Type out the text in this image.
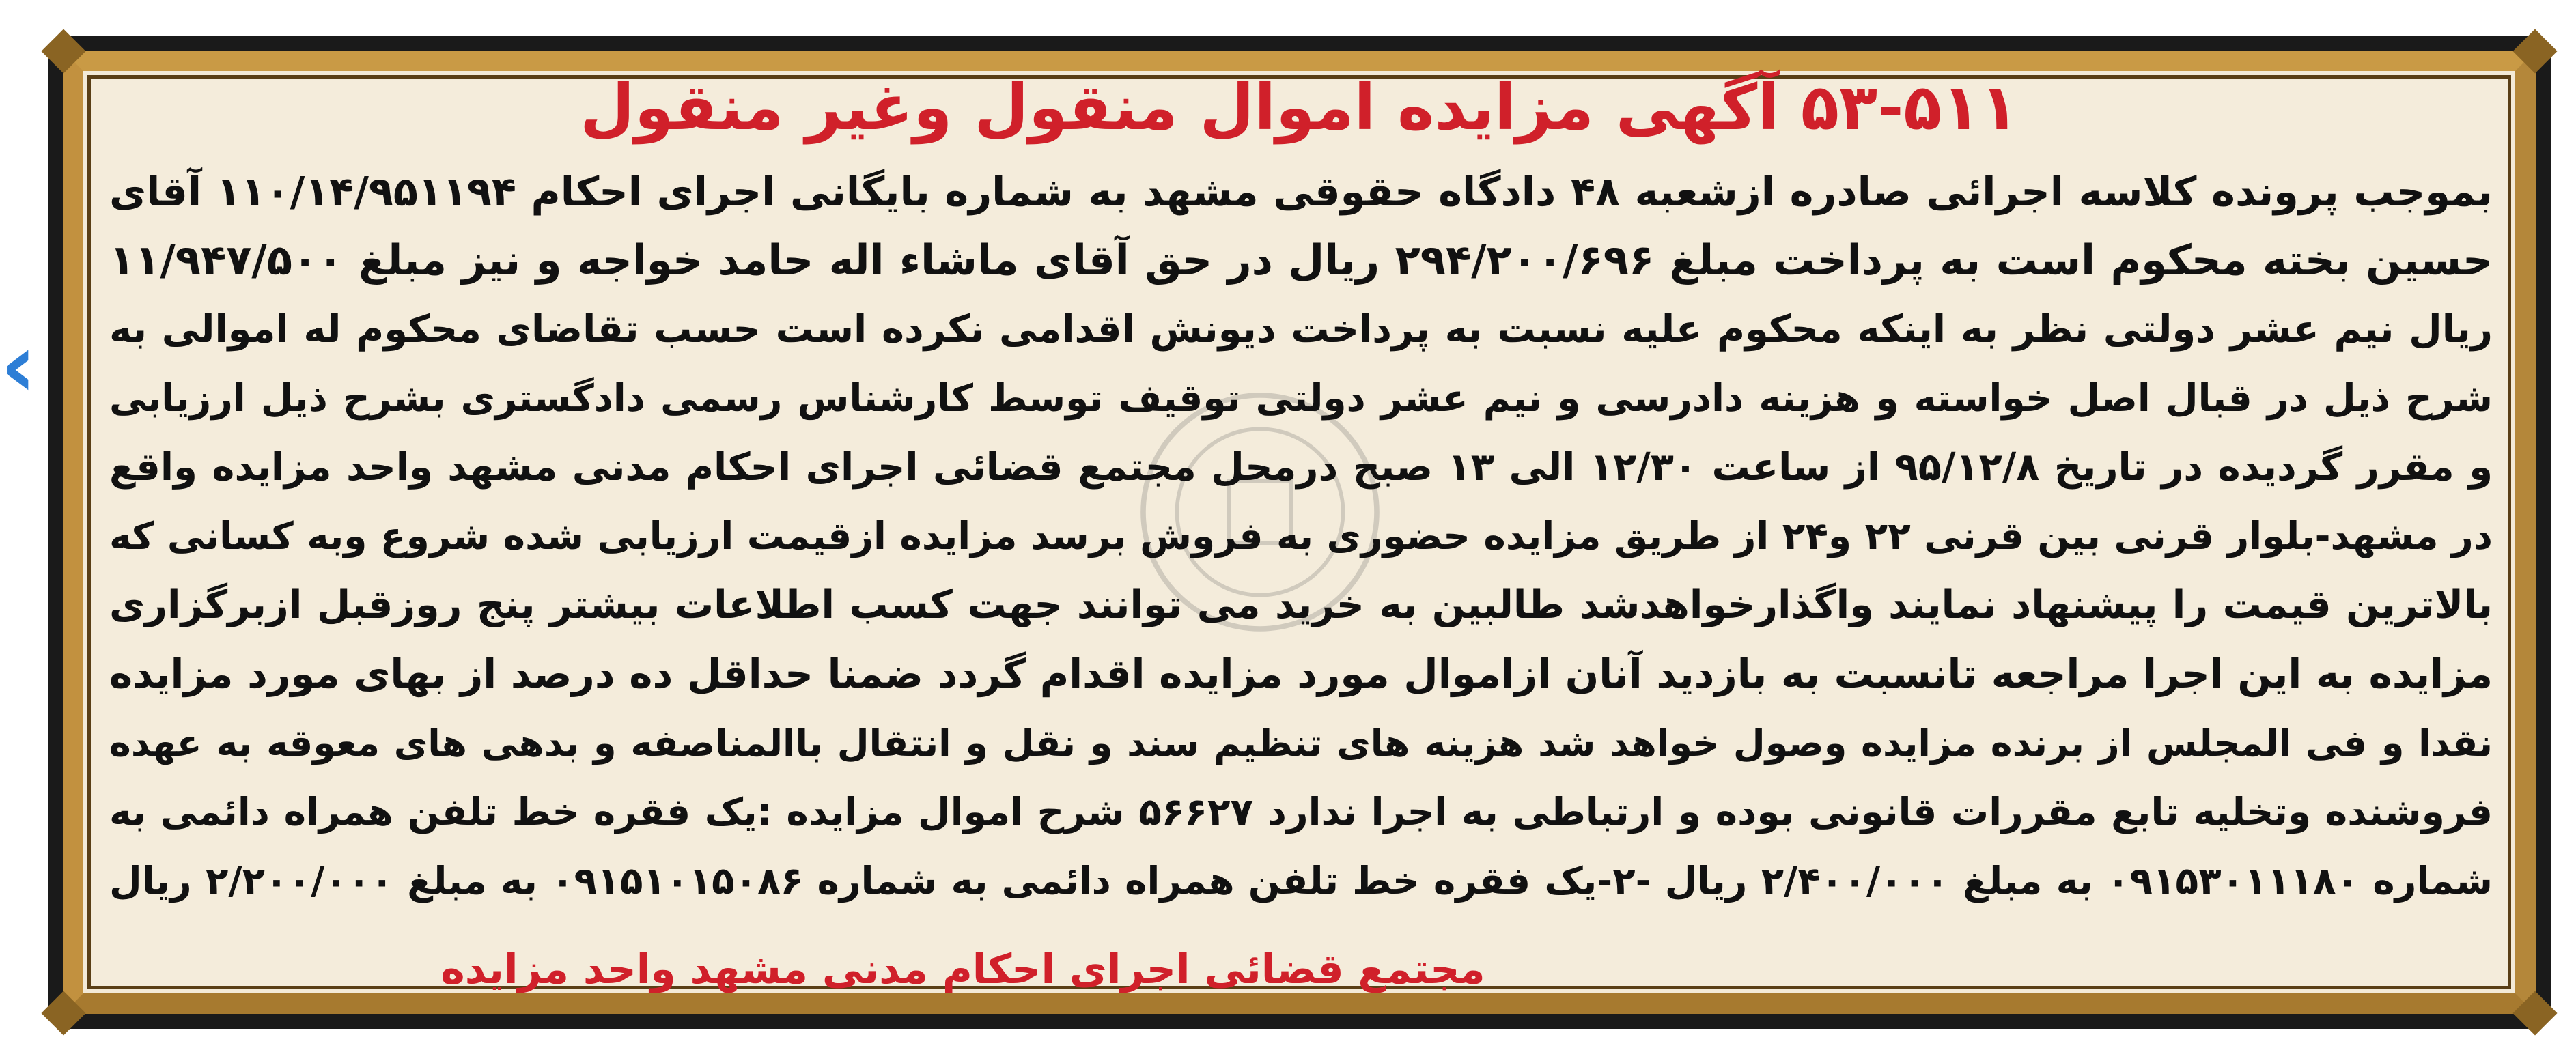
‹
۵۳-۵۱۱ آگهی مزایده اموال منقول وغیر منقول
بموجب پرونده کلاسه اجرائی صادره ازشعبه ۴۸ دادگاه حقوقی مشهد به شماره بایگانی اجرای احکام ۱۱۰/۱۴/۹۵۱۱۹۴ آقای
حسین بخته محکوم است به پرداخت مبلغ ۲۹۴/۲۰۰/۶۹۶ ریال در حق آقای ماشاء اله حامد خواجه و نیز مبلغ ۱۱/۹۴۷/۵۰۰
ریال نیم عشر دولتی نظر به اینکه محکوم علیه نسبت به پرداخت دیونش اقدامی نکرده است حسب تقاضای محکوم له اموالی به
شرح ذیل در قبال اصل خواسته و هزینه دادرسی و نیم عشر دولتی توقیف توسط کارشناس رسمی دادگستری بشرح ذیل ارزیابی
و مقرر گردیده در تاریخ ۹۵/۱۲/۸ از ساعت ۱۲/۳۰ الی ۱۳ صبح درمحل مجتمع قضائی اجرای احکام مدنی مشهد واحد مزایده واقع
در مشهد-بلوار قرنی بین قرنی ۲۲ و۲۴ از طریق مزایده حضوری به فروش برسد مزایده ازقیمت ارزیابی شده شروع وبه کسانی که
بالاترین قیمت را پیشنهاد نمایند واگذارخواهدشد طالبین به خرید می توانند جهت کسب اطلاعات بیشتر پنج روزقبل ازبرگزاری
مزایده به این اجرا مراجعه تانسبت به بازدید آنان ازاموال مورد مزایده اقدام گردد ضمنا حداقل ده درصد از بهای مورد مزایده
نقدا و فی المجلس از برنده مزایده وصول خواهد شد هزینه های تنظیم سند و نقل و انتقال باالمناصفه و بدهی های معوقه به عهده
فروشنده وتخلیه تابع مقررات قانونی بوده و ارتباطی به اجرا ندارد ۵۶۶۲۷ شرح اموال مزایده :یک فقره خط تلفن همراه دائمی به
شماره ۰۹۱۵۳۰۱۱۱۸۰ به مبلغ ۲/۴۰۰/۰۰۰ ریال -۲-یک فقره خط تلفن همراه دائمی به شماره ۰۹۱۵۱۰۱۵۰۸۶ به مبلغ ۲/۲۰۰/۰۰۰ ریال
مجتمع قضائی اجرای احکام مدنی مشهد واحد مزایده
